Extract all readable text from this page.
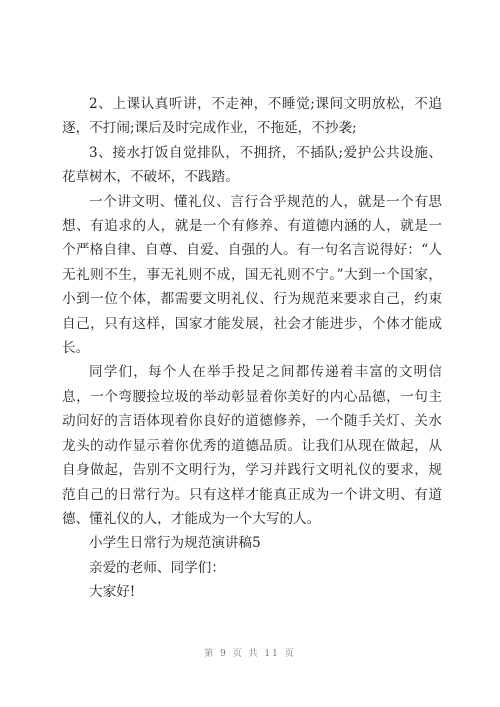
2、上课认真听讲，不走神，不睡觉;课间文明放松，不追逐，不打闹;课后及时完成作业，不拖延，不抄袭;

3、接水打饭自觉排队，不拥挤，不插队;爱护公共设施、花草树木，不破坏，不践踏。

一个讲文明、懂礼仪、言行合乎规范的人，就是一个有思想、有追求的人，就是一个有修养、有道德内涵的人，就是一个严格自律、自尊、自爱、自强的人。有一句名言说得好：“人无礼则不生，事无礼则不成，国无礼则不宁。”大到一个国家，小到一位个体，都需要文明礼仪、行为规范来要求自己，约束自己，只有这样，国家才能发展，社会才能进步，个体才能成长。

同学们，每个人在举手投足之间都传递着丰富的文明信息，一个弯腰捡垃圾的举动彰显着你美好的内心品德，一句主动问好的言语体现着你良好的道德修养，一个随手关灯、关水龙头的动作显示着你优秀的道德品质。让我们从现在做起，从自身做起，告别不文明行为，学习并践行文明礼仪的要求，规范自己的日常行为。只有这样才能真正成为一个讲文明、有道德、懂礼仪的人，才能成为一个大写的人。

小学生日常行为规范演讲稿5

亲爱的老师、同学们：

大家好!

第 9 页 共 11 页
